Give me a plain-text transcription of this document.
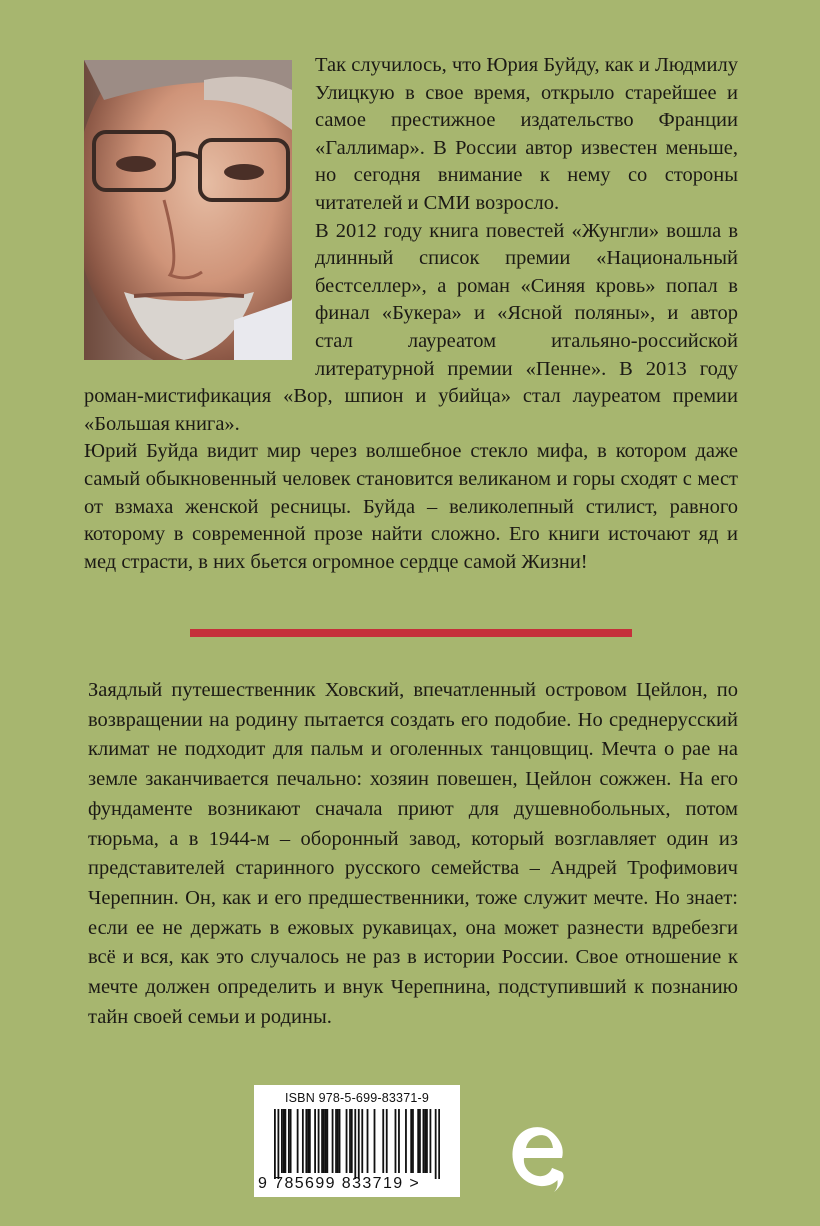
Так случилось, что Юрия Буйду, как и Людмилу Улицкую в свое время, открыло старейшее и самое престижное издательство Франции «Галлимар». В России автор известен меньше, но сегодня внимание к нему со стороны читателей и СМИ возросло.

В 2012 году книга повестей «Жунгли» вошла в длинный список премии «Национальный бестселлер», а роман «Синяя кровь» попал в финал «Букера» и «Ясной поляны», и автор стал лауреатом итальяно-российской литературной премии «Пенне». В 2013 году роман-мистификация «Вор, шпион и убийца» стал лауреатом премии «Большая книга».

Юрий Буйда видит мир через волшебное стекло мифа, в котором даже самый обыкновенный человек становится великаном и горы сходят с мест от взмаха женской ресницы. Буйда – великолепный стилист, равного которому в современной прозе найти сложно. Его книги источают яд и мед страсти, в них бьется огромное сердце самой Жизни!

Заядлый путешественник Ховский, впечатленный островом Цейлон, по возвращении на родину пытается создать его подобие. Но среднерусский климат не подходит для пальм и оголенных танцовщиц. Мечта о рае на земле заканчивается печально: хозяин повешен, Цейлон сожжен. На его фундаменте возникают сначала приют для душевнобольных, потом тюрьма, а в 1944-м – оборонный завод, который возглавляет один из представителей старинного русского семейства – Андрей Трофимович Черепнин. Он, как и его предшественники, тоже служит мечте. Но знает: если ее не держать в ежовых рукавицах, она может разнести вдребезги всё и вся, как это случалось не раз в истории России. Свое отношение к мечте должен определить и внук Черепнина, подступивший к познанию тайн своей семьи и родины.

ISBN 978-5-699-83371-9
9 785699 833719 >
